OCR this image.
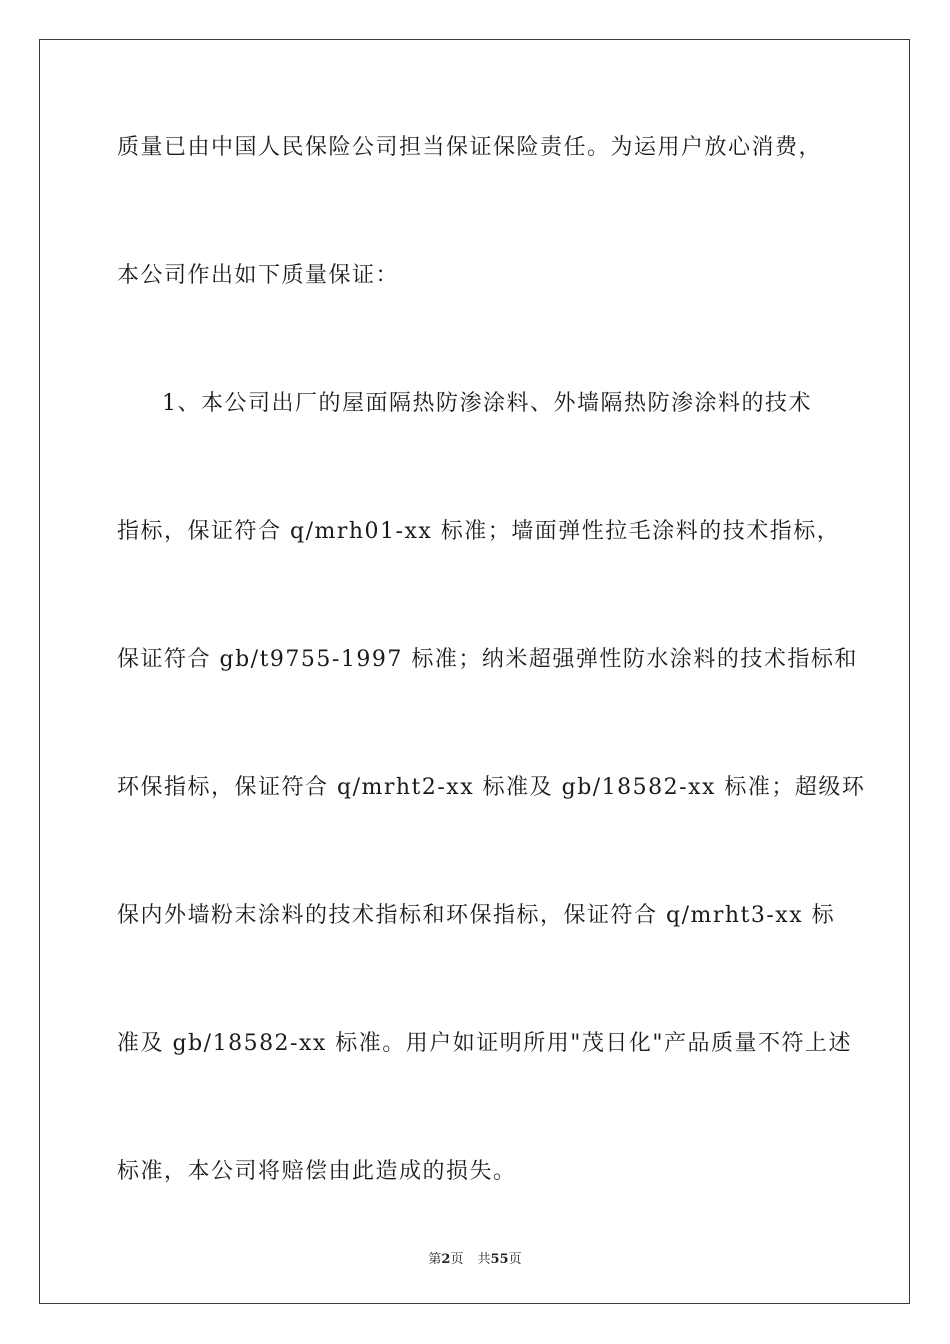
质量已由中国人民保险公司担当保证保险责任。为运用户放心消费，
本公司作出如下质量保证：
1、本公司出厂的屋面隔热防渗涂料、外墙隔热防渗涂料的技术
指标，保证符合 q/mrh01-xx 标准；墙面弹性拉毛涂料的技术指标，
保证符合 gb/t9755-1997 标准；纳米超强弹性防水涂料的技术指标和
环保指标，保证符合 q/mrht2-xx 标准及 gb/18582-xx 标准；超级环
保内外墙粉末涂料的技术指标和环保指标，保证符合 q/mrht3-xx 标
准及 gb/18582-xx 标准。用户如证明所用"茂日化"产品质量不符上述
标准，本公司将赔偿由此造成的损失。
第2页 共55页
